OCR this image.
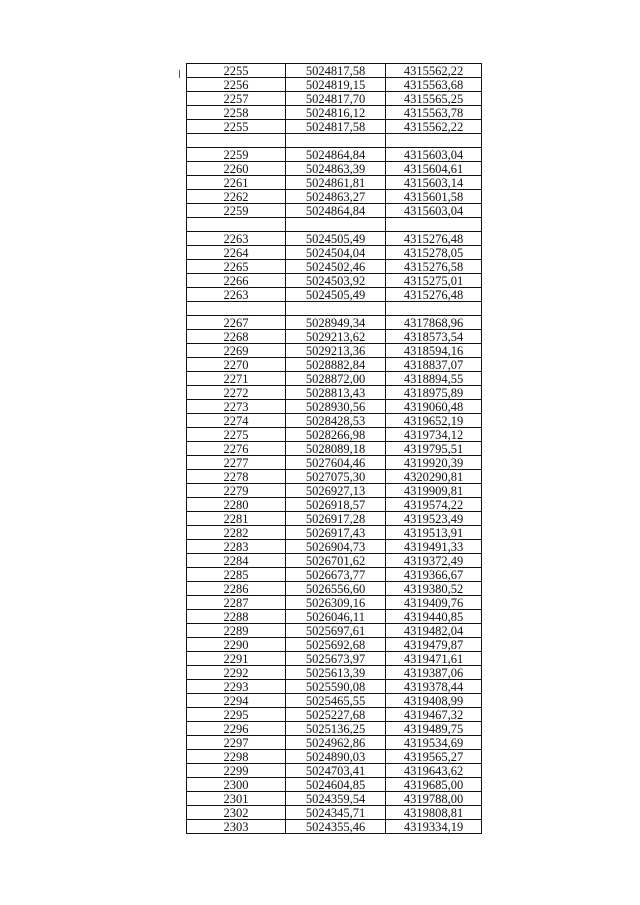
2255	5024817,58	4315562,22
2256	5024819,15	4315563,68
2257	5024817,70	4315565,25
2258	5024816,12	4315563,78
2255	5024817,58	4315562,22

2259	5024864,84	4315603,04
2260	5024863,39	4315604,61
2261	5024861,81	4315603,14
2262	5024863,27	4315601,58
2259	5024864,84	4315603,04

2263	5024505,49	4315276,48
2264	5024504,04	4315278,05
2265	5024502,46	4315276,58
2266	5024503,92	4315275,01
2263	5024505,49	4315276,48

2267	5028949,34	4317868,96
2268	5029213,62	4318573,54
2269	5029213,36	4318594,16
2270	5028882,84	4318837,07
2271	5028872,00	4318894,55
2272	5028813,43	4318975,89
2273	5028930,56	4319060,48
2274	5028428,53	4319652,19
2275	5028266,98	4319734,12
2276	5028089,18	4319795,51
2277	5027604,46	4319920,39
2278	5027075,30	4320290,81
2279	5026927,13	4319909,81
2280	5026918,57	4319574,22
2281	5026917,28	4319523,49
2282	5026917,43	4319513,91
2283	5026904,73	4319491,33
2284	5026701,62	4319372,49
2285	5026673,77	4319366,67
2286	5026556,60	4319380,52
2287	5026309,16	4319409,76
2288	5026046,11	4319440,85
2289	5025697,61	4319482,04
2290	5025692,68	4319479,87
2291	5025673,97	4319471,61
2292	5025613,39	4319387,06
2293	5025590,08	4319378,44
2294	5025465,55	4319408,99
2295	5025227,68	4319467,32
2296	5025136,25	4319489,75
2297	5024962,86	4319534,69
2298	5024890,03	4319565,27
2299	5024703,41	4319643,62
2300	5024604,85	4319685,00
2301	5024359,54	4319788,00
2302	5024345,71	4319808,81
2303	5024355,46	4319334,19
